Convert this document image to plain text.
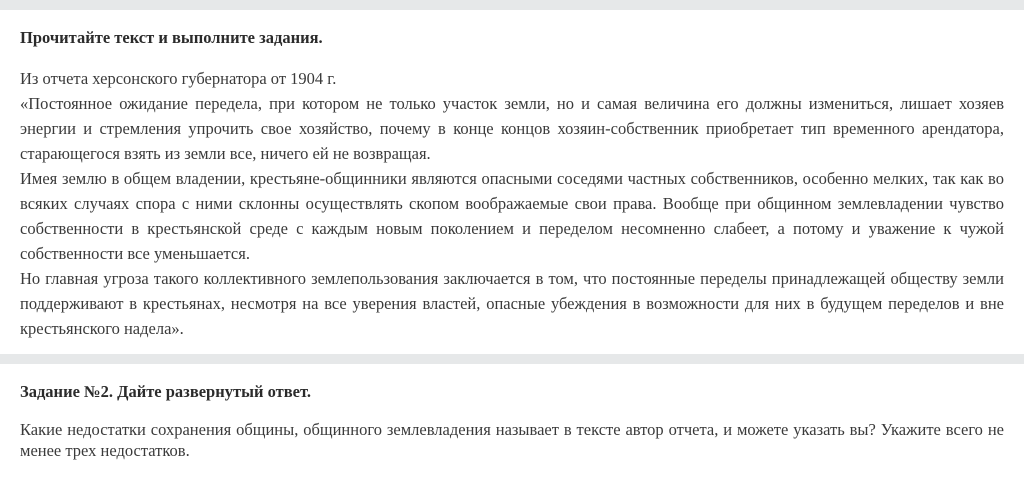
Прочитайте текст и выполните задания.

Из отчета херсонского губернатора от 1904 г.

«Постоянное ожидание передела, при котором не только участок земли, но и самая величина его должны измениться, лишает хозяев энергии и стремления упрочить свое хозяйство, почему в конце концов хозяин-собственник приобретает тип временного арендатора, старающегося взять из земли все, ничего ей не возвращая.

Имея землю в общем владении, крестьяне-общинники являются опасными соседями частных собственников, особенно мелких, так как во всяких случаях спора с ними склонны осуществлять скопом воображаемые свои права. Вообще при общинном землевладении чувство собственности в крестьянской среде с каждым новым поколением и переделом несомненно слабеет, а потому и уважение к чужой собственности все уменьшается.

Но главная угроза такого коллективного землепользования заключается в том, что постоянные переделы принадлежащей обществу земли поддерживают в крестьянах, несмотря на все уверения властей, опасные убеждения в возможности для них в будущем переделов и вне крестьянского надела».

Задание №2. Дайте развернутый ответ.
Какие недостатки сохранения общины, общинного землевладения называет в тексте автор отчета, и можете указать вы? Укажите всего не менее трех недостатков.
